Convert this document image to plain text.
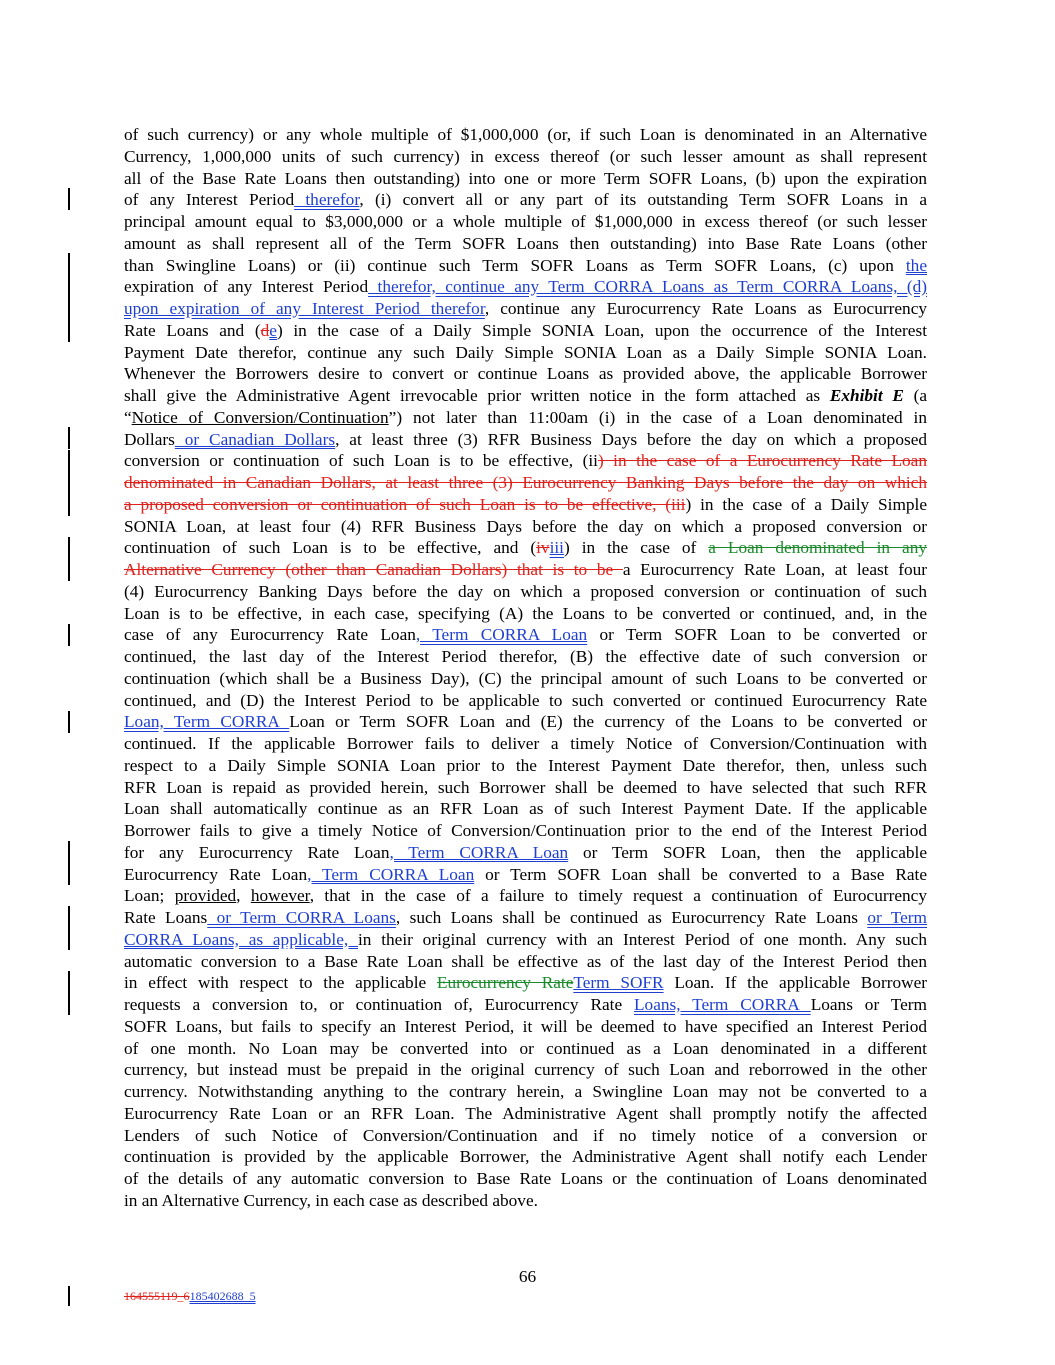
of such currency) or any whole multiple of $1,000,000 (or, if such Loan is denominated in an Alternative
Currency, 1,000,000 units of such currency) in excess thereof (or such lesser amount as shall represent
all of the Base Rate Loans then outstanding) into one or more Term SOFR Loans, (b) upon the expiration
of any Interest Period therefor, (i) convert all or any part of its outstanding Term SOFR Loans in a
principal amount equal to $3,000,000 or a whole multiple of $1,000,000 in excess thereof (or such lesser
amount as shall represent all of the Term SOFR Loans then outstanding) into Base Rate Loans (other
than Swingline Loans) or (ii) continue such Term SOFR Loans as Term SOFR Loans, (c) upon the
expiration of any Interest Period therefor, continue any Term CORRA Loans as Term CORRA Loans, (d)
upon expiration of any Interest Period therefor, continue any Eurocurrency Rate Loans as Eurocurrency
Rate Loans and (de) in the case of a Daily Simple SONIA Loan, upon the occurrence of the Interest
Payment Date therefor, continue any such Daily Simple SONIA Loan as a Daily Simple SONIA Loan.
Whenever the Borrowers desire to convert or continue Loans as provided above, the applicable Borrower
shall give the Administrative Agent irrevocable prior written notice in the form attached as Exhibit E (a
“Notice of Conversion/Continuation”) not later than 11:00am (i) in the case of a Loan denominated in
Dollars or Canadian Dollars, at least three (3) RFR Business Days before the day on which a proposed
conversion or continuation of such Loan is to be effective, (ii) in the case of a Eurocurrency Rate Loan
denominated in Canadian Dollars, at least three (3) Eurocurrency Banking Days before the day on which
a proposed conversion or continuation of such Loan is to be effective, (iii) in the case of a Daily Simple
SONIA Loan, at least four (4) RFR Business Days before the day on which a proposed conversion or
continuation of such Loan is to be effective, and (iviii) in the case of a Loan denominated in any
Alternative Currency (other than Canadian Dollars) that is to be a Eurocurrency Rate Loan, at least four
(4) Eurocurrency Banking Days before the day on which a proposed conversion or continuation of such
Loan is to be effective, in each case, specifying (A) the Loans to be converted or continued, and, in the
case of any Eurocurrency Rate Loan, Term CORRA Loan or Term SOFR Loan to be converted or
continued, the last day of the Interest Period therefor, (B) the effective date of such conversion or
continuation (which shall be a Business Day), (C) the principal amount of such Loans to be converted or
continued, and (D) the Interest Period to be applicable to such converted or continued Eurocurrency Rate
Loan, Term CORRA Loan or Term SOFR Loan and (E) the currency of the Loans to be converted or
continued. If the applicable Borrower fails to deliver a timely Notice of Conversion/Continuation with
respect to a Daily Simple SONIA Loan prior to the Interest Payment Date therefor, then, unless such
RFR Loan is repaid as provided herein, such Borrower shall be deemed to have selected that such RFR
Loan shall automatically continue as an RFR Loan as of such Interest Payment Date. If the applicable
Borrower fails to give a timely Notice of Conversion/Continuation prior to the end of the Interest Period
for any Eurocurrency Rate Loan, Term CORRA Loan or Term SOFR Loan, then the applicable
Eurocurrency Rate Loan, Term CORRA Loan or Term SOFR Loan shall be converted to a Base Rate
Loan; provided, however, that in the case of a failure to timely request a continuation of Eurocurrency
Rate Loans or Term CORRA Loans, such Loans shall be continued as Eurocurrency Rate Loans or Term
CORRA Loans, as applicable, in their original currency with an Interest Period of one month. Any such
automatic conversion to a Base Rate Loan shall be effective as of the last day of the Interest Period then
in effect with respect to the applicable Eurocurrency RateTerm SOFR Loan. If the applicable Borrower
requests a conversion to, or continuation of, Eurocurrency Rate Loans, Term CORRA Loans or Term
SOFR Loans, but fails to specify an Interest Period, it will be deemed to have specified an Interest Period
of one month. No Loan may be converted into or continued as a Loan denominated in a different
currency, but instead must be prepaid in the original currency of such Loan and reborrowed in the other
currency. Notwithstanding anything to the contrary herein, a Swingline Loan may not be converted to a
Eurocurrency Rate Loan or an RFR Loan. The Administrative Agent shall promptly notify the affected
Lenders of such Notice of Conversion/Continuation and if no timely notice of a conversion or
continuation is provided by the applicable Borrower, the Administrative Agent shall notify each Lender
of the details of any automatic conversion to Base Rate Loans or the continuation of Loans denominated
in an Alternative Currency, in each case as described above.
66
164555119_6185402688_5
